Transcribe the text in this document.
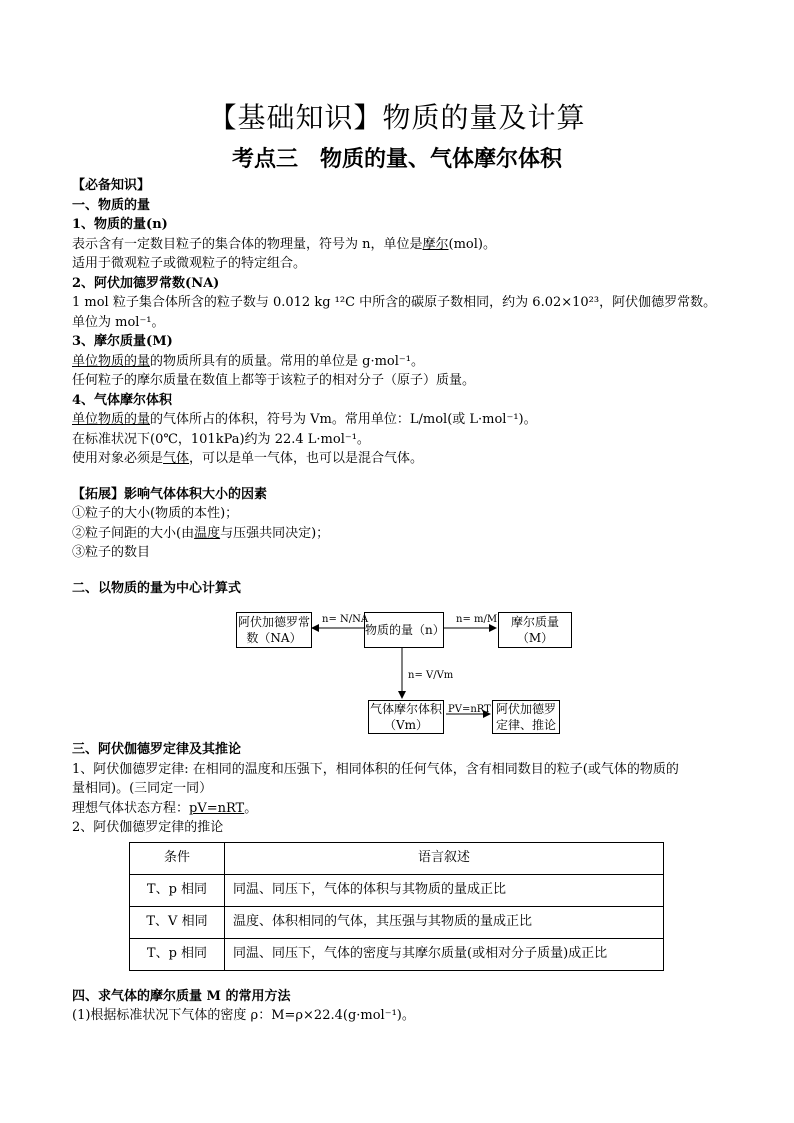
【基础知识】物质的量及计算
考点三　物质的量、气体摩尔体积
【必备知识】
一、物质的量
1、物质的量(n)
表示含有一定数目粒子的集合体的物理量，符号为 n，单位是摩尔(mol)。
适用于微观粒子或微观粒子的特定组合。
2、阿伏加德罗常数(NA)
1 mol 粒子集合体所含的粒子数与 0.012 kg ¹²C 中所含的碳原子数相同，约为 6.02×10²³，阿伏伽德罗常数。
单位为 mol⁻¹。
3、摩尔质量(M)
单位物质的量的物质所具有的质量。常用的单位是 g·mol⁻¹。
任何粒子的摩尔质量在数值上都等于该粒子的相对分子（原子）质量。
4、气体摩尔体积
单位物质的量的气体所占的体积，符号为 Vm。常用单位：L/mol(或 L·mol⁻¹)。
在标准状况下(0℃，101kPa)约为 22.4 L·mol⁻¹。
使用对象必须是气体，可以是单一气体，也可以是混合气体。
【拓展】影响气体体积大小的因素
①粒子的大小(物质的本性)；
②粒子间距的大小(由温度与压强共同决定)；
③粒子的数目
二、以物质的量为中心计算式
阿伏加德罗常数（NA）
物质的量（n）
摩尔质量（M）
气体摩尔体积（Vm）
阿伏加德罗定律、推论
n= N/NA	n= m/M
n= V/Vm
PV=nRT
三、阿伏伽德罗定律及其推论
1、阿伏伽德罗定律: 在相同的温度和压强下，相同体积的任何气体，含有相同数目的粒子(或气体的物质的
量相同)。(三同定一同）
理想气体状态方程：pV=nRT。
2、阿伏伽德罗定律的推论
条件	语言叙述
T、p 相同	同温、同压下，气体的体积与其物质的量成正比
T、V 相同	温度、体积相同的气体，其压强与其物质的量成正比
T、p 相同	同温、同压下，气体的密度与其摩尔质量(或相对分子质量)成正比
四、求气体的摩尔质量 M 的常用方法
(1)根据标准状况下气体的密度 ρ：M=ρ×22.4(g·mol⁻¹)。
